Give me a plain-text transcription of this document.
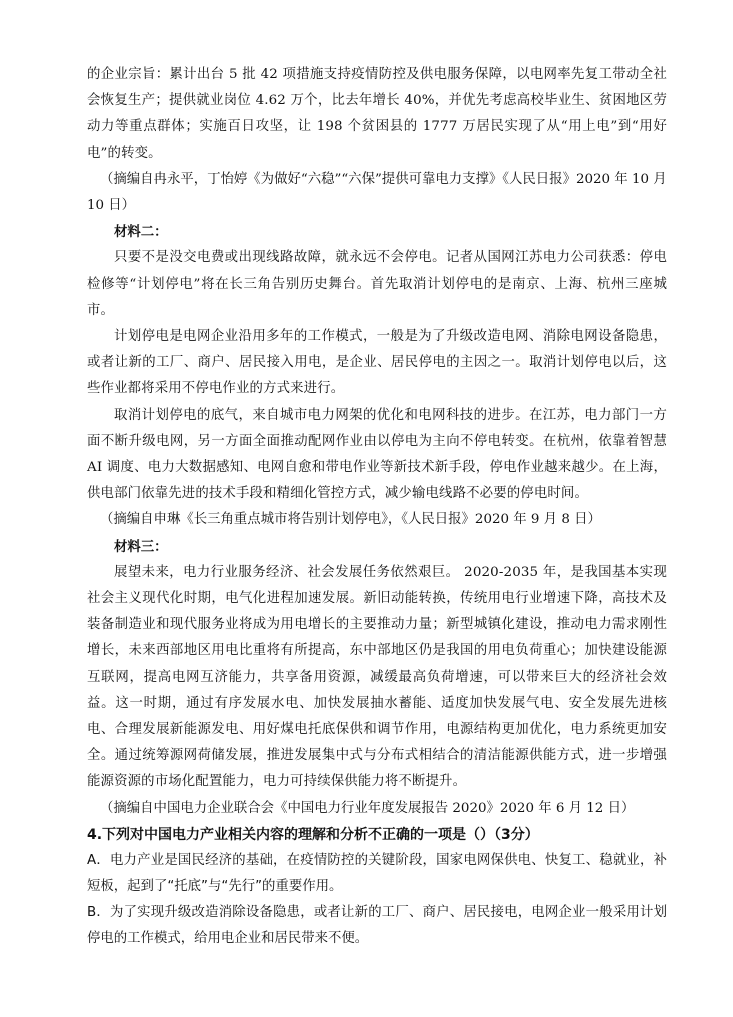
的企业宗旨：累计出台 5 批 42 项措施支持疫情防控及供电服务保障，以电网率先复工带动全社会恢复生产；提供就业岗位 4.62 万个，比去年增长 40%，并优先考虑高校毕业生、贫困地区劳动力等重点群体；实施百日攻坚，让 198 个贫困县的 1777 万居民实现了从“用上电”到“用好电”的转变。

（摘编自冉永平，丁怡婷《为做好“六稳”“六保”提供可靠电力支撑》《人民日报》2020 年 10 月 10 日）

材料二：

只要不是没交电费或出现线路故障，就永远不会停电。记者从国网江苏电力公司获悉：停电检修等“计划停电”将在长三角告别历史舞台。首先取消计划停电的是南京、上海、杭州三座城市。

计划停电是电网企业沿用多年的工作模式，一般是为了升级改造电网、消除电网设备隐患，或者让新的工厂、商户、居民接入用电，是企业、居民停电的主因之一。取消计划停电以后，这些作业都将采用不停电作业的方式来进行。

取消计划停电的底气，来自城市电力网架的优化和电网科技的进步。在江苏，电力部门一方面不断升级电网，另一方面全面推动配网作业由以停电为主向不停电转变。在杭州，依靠着智慧 AI 调度、电力大数据感知、电网自愈和带电作业等新技术新手段，停电作业越来越少。在上海，供电部门依靠先进的技术手段和精细化管控方式，减少输电线路不必要的停电时间。

（摘编自申琳《长三角重点城市将告别计划停电》，《人民日报》2020 年 9 月 8 日）

材料三：

展望未来，电力行业服务经济、社会发展任务依然艰巨。 2020-2035 年，是我国基本实现社会主义现代化时期，电气化进程加速发展。新旧动能转换，传统用电行业增速下降，高技术及装备制造业和现代服务业将成为用电增长的主要推动力量；新型城镇化建设，推动电力需求刚性增长，未来西部地区用电比重将有所提高，东中部地区仍是我国的用电负荷重心；加快建设能源互联网，提高电网互济能力，共享备用资源，减缓最高负荷增速，可以带来巨大的经济社会效益。这一时期，通过有序发展水电、加快发展抽水蓄能、适度加快发展气电、安全发展先进核电、合理发展新能源发电、用好煤电托底保供和调节作用，电源结构更加优化，电力系统更加安全。通过统筹源网荷储发展，推进发展集中式与分布式相结合的清洁能源供能方式，进一步增强能源资源的市场化配置能力，电力可持续保供能力将不断提升。

（摘编自中国电力企业联合会《中国电力行业年度发展报告 2020》2020 年 6 月 12 日）

4.下列对中国电力产业相关内容的理解和分析不正确的一项是（）（3分）

A．电力产业是国民经济的基础，在疫情防控的关键阶段，国家电网保供电、快复工、稳就业，补短板，起到了“托底”与“先行”的重要作用。

B．为了实现升级改造消除设备隐患，或者让新的工厂、商户、居民接电，电网企业一般采用计划停电的工作模式，给用电企业和居民带来不便。
